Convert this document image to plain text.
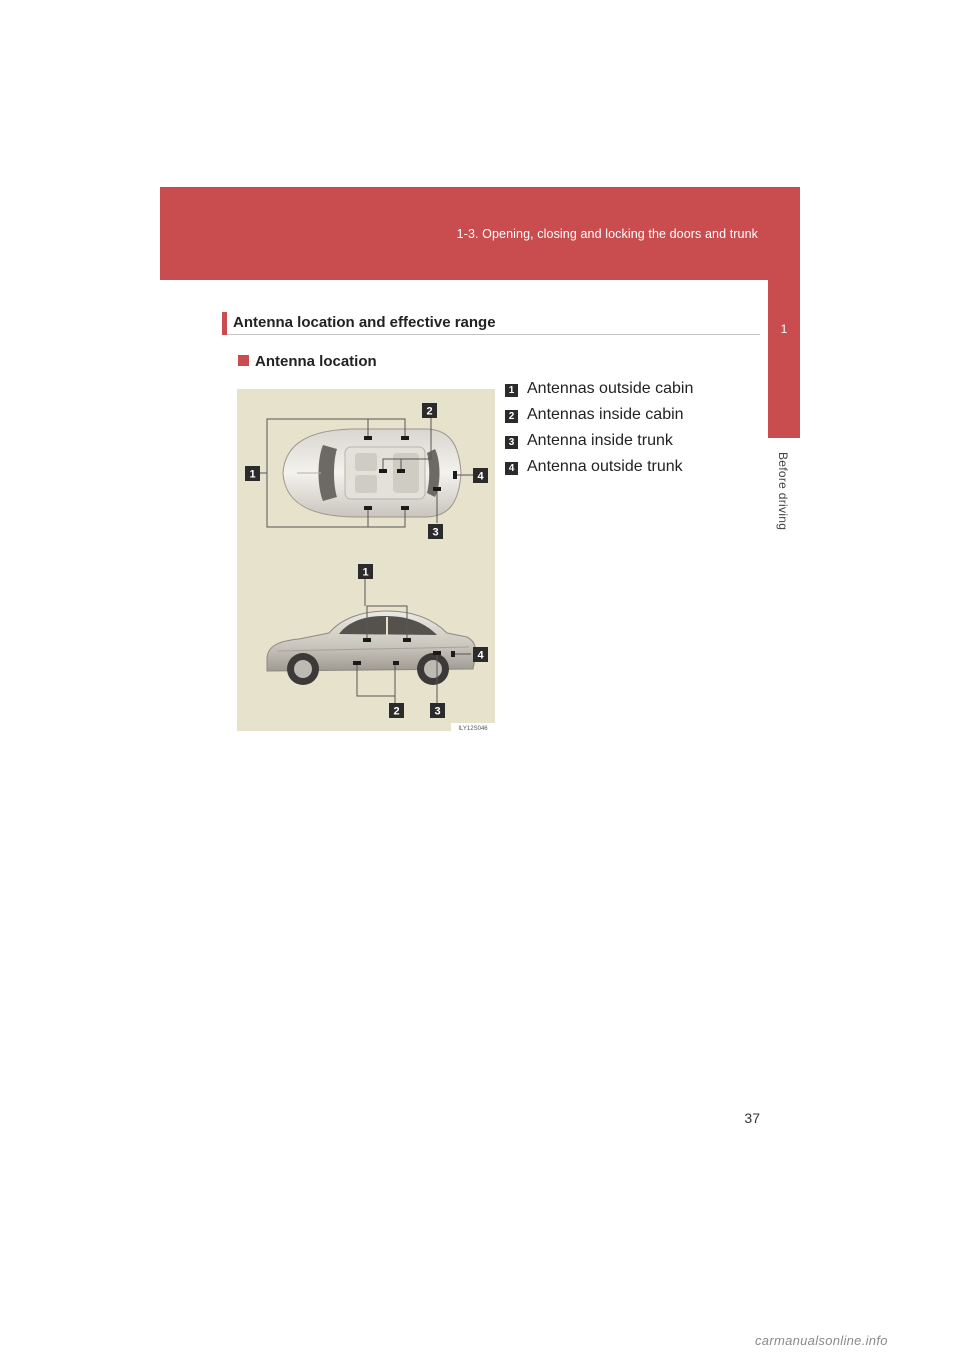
1-3. Opening, closing and locking the doors and trunk
1
Before driving
Antenna location and effective range
Antenna location
1
2
3
4
1
4
2	3
ILY12S046
1 Antennas outside cabin
2 Antennas inside cabin
3 Antenna inside trunk
4 Antenna outside trunk
37
carmanualsonline.info
